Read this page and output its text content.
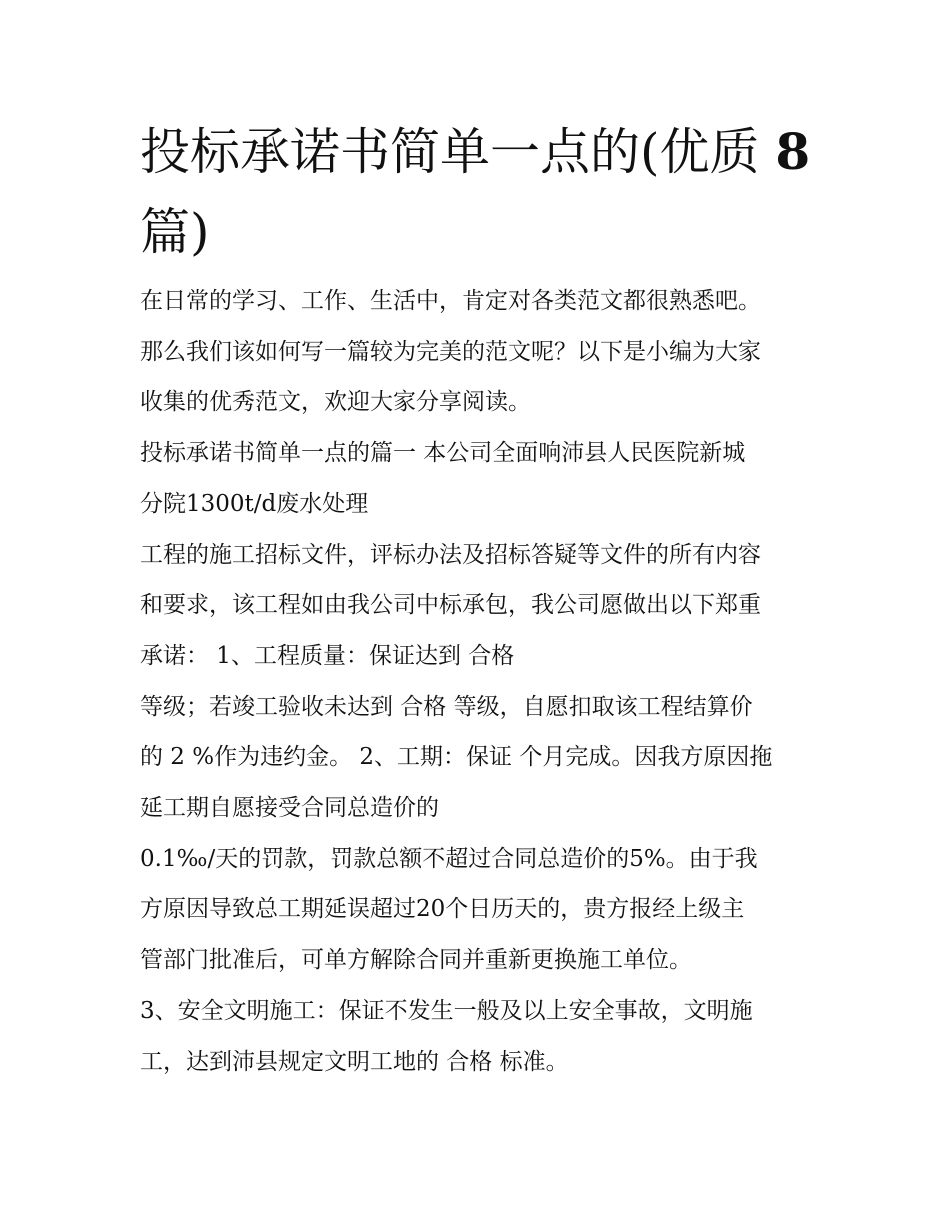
投标承诺书简单一点的(优质 8
篇)

在日常的学习、工作、生活中，肯定对各类范文都很熟悉吧。

那么我们该如何写一篇较为完美的范文呢？以下是小编为大家

收集的优秀范文，欢迎大家分享阅读。

投标承诺书简单一点的篇一 本公司全面响沛县人民医院新城

分院1300t/d废水处理

工程的施工招标文件，评标办法及招标答疑等文件的所有内容

和要求，该工程如由我公司中标承包，我公司愿做出以下郑重

承诺： 1、工程质量：保证达到 合格

等级；若竣工验收未达到 合格 等级，自愿扣取该工程结算价

的 2 %作为违约金。 2、工期：保证 个月完成。因我方原因拖

延工期自愿接受合同总造价的

0.1‰/天的罚款，罚款总额不超过合同总造价的5%。由于我

方原因导致总工期延误超过20个日历天的，贵方报经上级主

管部门批准后，可单方解除合同并重新更换施工单位。

3、安全文明施工：保证不发生一般及以上安全事故，文明施

工，达到沛县规定文明工地的 合格 标准。
